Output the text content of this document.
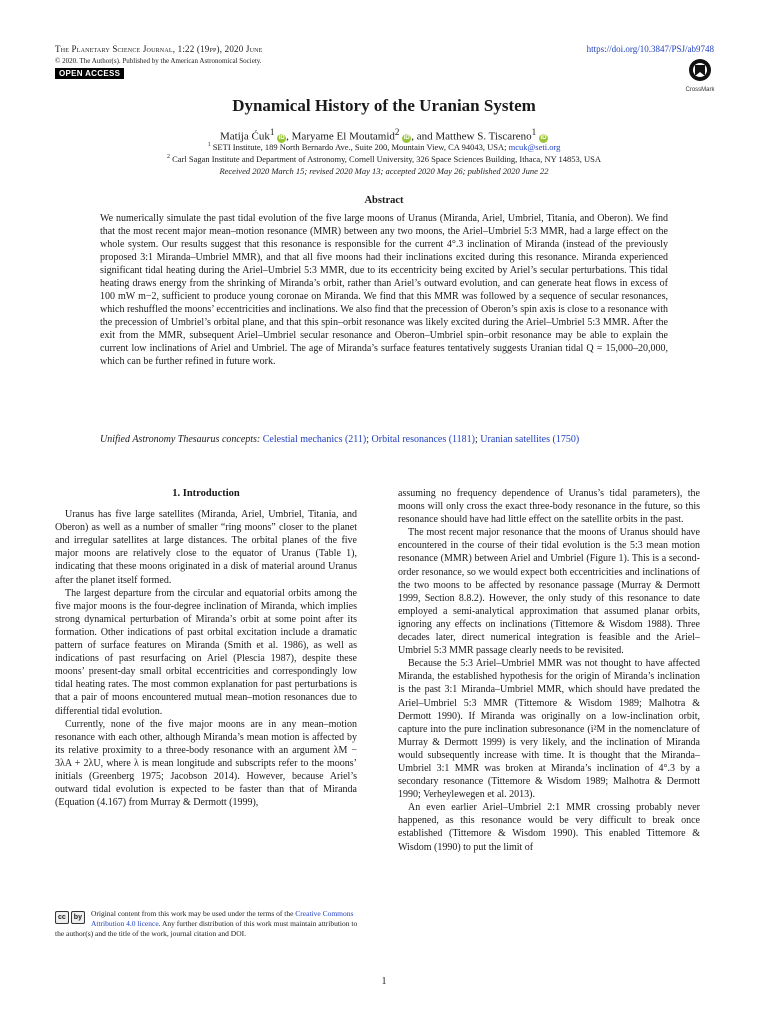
The Planetary Science Journal, 1:22 (19pp), 2020 June
© 2020. The Author(s). Published by the American Astronomical Society.
OPEN ACCESS
https://doi.org/10.3847/PSJ/ab9748
CrossMark
Dynamical History of the Uranian System
Matija Ćuk$^1$ iD , Maryame El Moutamid$^2$ iD , and Matthew S. Tiscareno$^1$ iD
$^1$ SETI Institute, 189 North Bernardo Ave., Suite 200, Mountain View, CA 94043, USA; mcuk@seti.org
$^2$ Carl Sagan Institute and Department of Astronomy, Cornell University, 326 Space Sciences Building, Ithaca, NY 14853, USA
Received 2020 March 15; revised 2020 May 13; accepted 2020 May 26; published 2020 June 22
Abstract

We numerically simulate the past tidal evolution of the five large moons of Uranus (Miranda, Ariel, Umbriel, Titania, and Oberon). We find that the most recent major mean–motion resonance (MMR) between any two moons, the Ariel–Umbriel 5:3 MMR, had a large effect on the whole system. Our results suggest that this resonance is responsible for the current 4°.3 inclination of Miranda (instead of the previously proposed 3:1 Miranda–Umbriel MMR), and that all five moons had their inclinations excited during this resonance. Miranda experienced significant tidal heating during the Ariel–Umbriel 5:3 MMR, due to its eccentricity being excited by Ariel’s secular perturbations. This tidal heating draws energy from the shrinking of Miranda’s orbit, rather than Ariel’s outward evolution, and can generate heat flows in excess of 100 mW m−2, sufficient to produce young coronae on Miranda. We find that this MMR was followed by a sequence of secular resonances, which reshuffled the moons’ eccentricities and inclinations. We also find that the precession of Oberon’s spin axis is close to a resonance with the precession of Umbriel’s orbital plane, and that this spin–orbit resonance was likely excited during the Ariel–Umbriel 5:3 MMR. After the exit from the MMR, subsequent Ariel–Umbriel secular resonance and Oberon–Umbriel spin–orbit resonance may be able to explain the current low inclinations of Ariel and Umbriel. The age of Miranda’s surface features tentatively suggests Uranian tidal Q = 15,000–20,000, which can be further refined in future work.

Unified Astronomy Thesaurus concepts: Celestial mechanics (211); Orbital resonances (1181); Uranian satellites (1750)

1. Introduction

Uranus has five large satellites (Miranda, Ariel, Umbriel, Titania, and Oberon) as well as a number of smaller “ring moons” closer to the planet and irregular satellites at large distances. The orbital planes of the five major moons are relatively close to the equator of Uranus (Table 1), indicating that these moons originated in a disk of material around Uranus after the planet itself formed.

The largest departure from the circular and equatorial orbits among the five major moons is the four-degree inclination of Miranda, which implies strong dynamical perturbation of Miranda’s orbit at some point after its formation. Other indications of past orbital excitation include a dramatic pattern of surface features on Miranda (Smith et al. 1986), as well as indications of past resurfacing on Ariel (Plescia 1987), despite these moons’ present-day small orbital eccentricities and correspondingly low tidal heating rates. The most common explanation for past perturbations is that a pair of moons encountered mutual mean–motion resonances due to differential tidal evolution.

Currently, none of the five major moons are in any mean–motion resonance with each other, although Miranda’s mean motion is affected by its relative proximity to a three-body resonance with an argument λM − 3λA + 2λU, where λ is mean longitude and subscripts refer to the moons’ initials (Greenberg 1975; Jacobson 2014). However, because Ariel’s outward tidal evolution is expected to be faster than that of Miranda (Equation (4.167) from Murray & Dermott (1999),

assuming no frequency dependence of Uranus’s tidal parameters), the moons will only cross the exact three-body resonance in the future, so this resonance should have had little effect on the satellite orbits in the past.

The most recent major resonance that the moons of Uranus should have encountered in the course of their tidal evolution is the 5:3 mean motion resonance (MMR) between Ariel and Umbriel (Figure 1). This is a second-order resonance, so we would expect both eccentricities and inclinations of the two moons to be affected by resonance passage (Murray & Dermott 1999, Section 8.8.2). However, the only study of this resonance to date employed a semi-analytical approximation that assumed planar orbits, ignoring any effects on inclinations (Tittemore & Wisdom 1988). Three decades later, direct numerical integration is feasible and the Ariel–Umbriel 5:3 MMR passage clearly needs to be revisited.

Because the 5:3 Ariel–Umbriel MMR was not thought to have affected Miranda, the established hypothesis for the origin of Miranda’s inclination is the past 3:1 Miranda–Umbriel MMR, which should have predated the Ariel–Umbriel 5:3 MMR (Tittemore & Wisdom 1989; Malhotra & Dermott 1990). If Miranda was originally on a low-inclination orbit, capture into the pure inclination subresonance (i²M in the nomenclature of Murray & Dermott 1999) is very likely, and the inclination of Miranda would subsequently increase with time. It is thought that the Miranda–Umbriel 3:1 MMR was broken at Miranda’s inclination of 4°.3 by a secondary resonance (Tittemore & Wisdom 1989; Malhotra & Dermott 1990; Verheylewegen et al. 2013).

An even earlier Ariel–Umbriel 2:1 MMR crossing probably never happened, as this resonance would be very difficult to break once established (Tittemore & Wisdom 1990). This enabled Tittemore & Wisdom (1990) to put the limit of

cc	by	Original content from this work may be used under the terms of the Creative Commons Attribution 4.0 licence. Any further distribution of this work must maintain attribution to the author(s) and the title of the work, journal citation and DOI.
1
